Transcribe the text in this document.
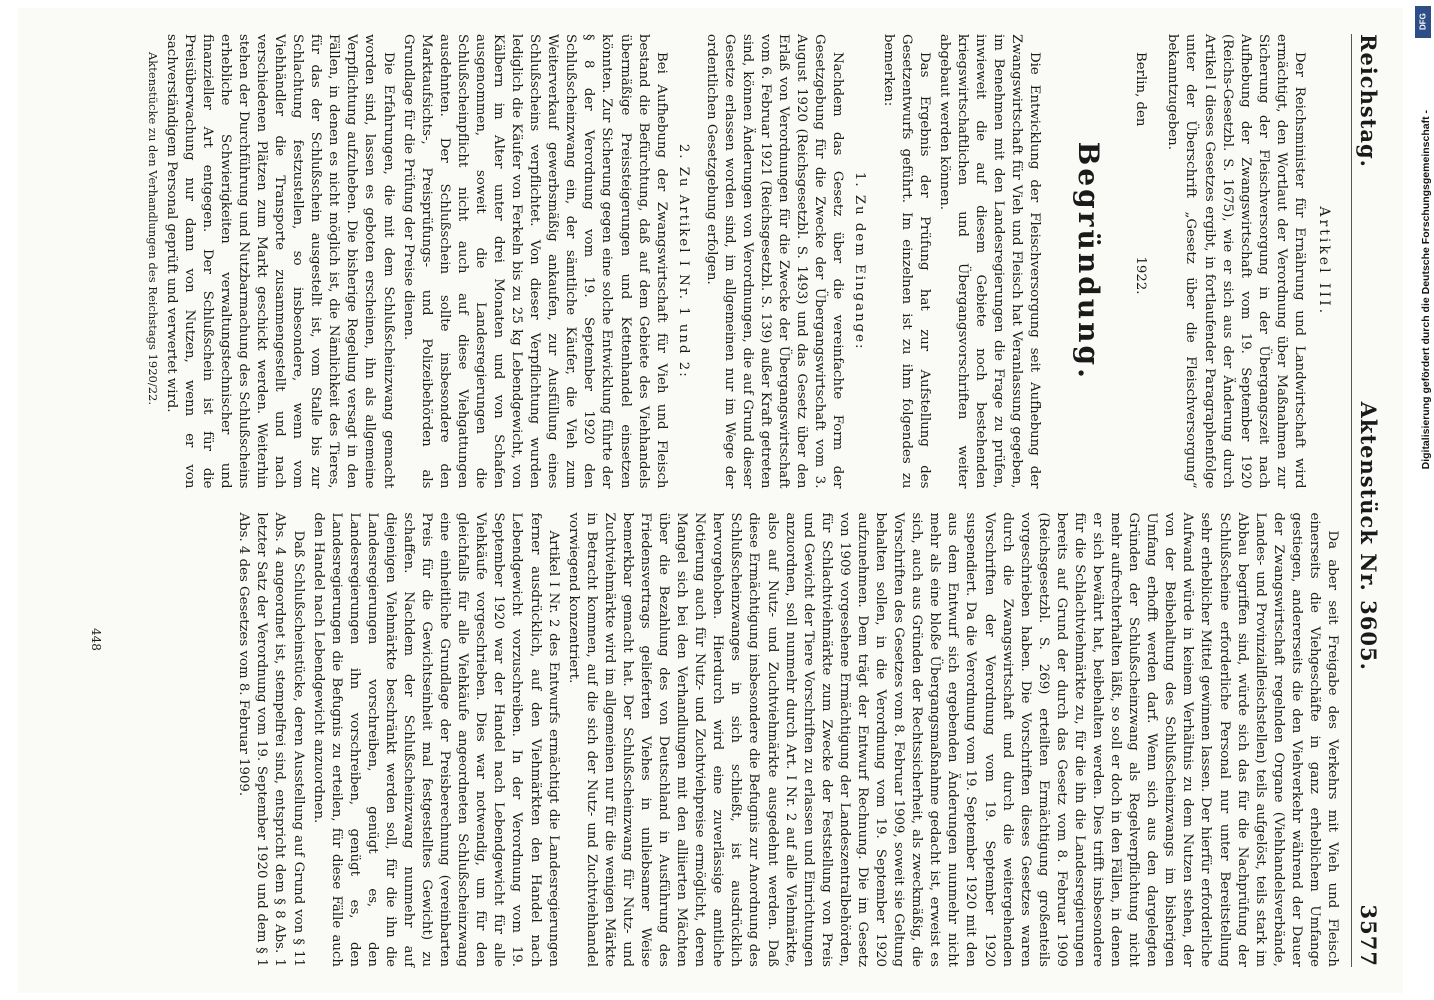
Reichstag.
Aktenstück Nr. 3605.
3577
Artikel III.

Der Reichsminister für Ernährung und Landwirtschaft wird ermächtigt, den Wortlaut der Verordnung über Maßnahmen zur Sicherung der Fleischversorgung in der Übergangszeit nach Aufhebung der Zwangswirtschaft vom 19. September 1920 (Reichs-Gesetzbl. S. 1675), wie er sich aus der Änderung durch Artikel I dieses Gesetzes ergibt, in fortlaufender Paragraphenfolge unter der Überschrift „Gesetz über die Fleischversorgung“ bekanntzugeben.

Berlin, den
1922.
Begründung.

Die Entwicklung der Fleischversorgung seit Aufhebung der Zwangswirtschaft für Vieh und Fleisch hat Veranlassung gegeben, im Benehmen mit den Landesregierungen die Frage zu prüfen, inwieweit die auf diesem Gebiete noch bestehenden kriegswirtschaftlichen und Übergangsvorschriften weiter abgebaut werden können.

Das Ergebnis der Prüfung hat zur Aufstellung des Gesetzentwurfs geführt. Im einzelnen ist zu ihm folgendes zu bemerken:

1. Zu dem Eingange:

Nachdem das Gesetz über die vereinfachte Form der Gesetzgebung für die Zwecke der Übergangswirtschaft vom 3. August 1920 (Reichsgesetzbl. S. 1493) und das Gesetz über den Erlaß von Verordnungen für die Zwecke der Übergangswirtschaft vom 6. Februar 1921 (Reichsgesetzbl. S. 139) außer Kraft getreten sind, können Änderungen von Verordnungen, die auf Grund dieser Gesetze erlassen worden sind, im allgemeinen nur im Wege der ordentlichen Gesetzgebung erfolgen.

2. Zu Artikel I Nr. 1 und 2:

Bei Aufhebung der Zwangswirtschaft für Vieh und Fleisch bestand die Befürchtung, daß auf dem Gebiete des Viehhandels übermäßige Preissteigerungen und Kettenhandel einsetzen könnten. Zur Sicherung gegen eine solche Entwicklung führte der § 8 der Verordnung vom 19. September 1920 den Schlußscheinzwang ein, der sämtliche Käufer, die Vieh zum Weiterverkauf gewerbsmäßig ankaufen, zur Ausfüllung eines Schlußscheins verpflichtet. Von dieser Verpflichtung wurden lediglich die Käufer von Ferkeln bis zu 25 kg Lebendgewicht, von Kälbern im Alter unter drei Monaten und von Schafen ausgenommen, soweit die Landesregierungen die Schlußscheinpflicht nicht auch auf diese Viehgattungen ausdehnten. Der Schlußschein sollte insbesondere den Marktaufsichts-, Preisprüfungs- und Polizeibehörden als Grundlage für die Prüfung der Preise dienen.

Die Erfahrungen, die mit dem Schlußscheinzwang gemacht worden sind, lassen es geboten erscheinen, ihn als allgemeine Verpflichtung aufzuheben. Die bisherige Regelung versagt in den Fällen, in denen es nicht möglich ist, die Nämlichkeit des Tieres, für das der Schlußschein ausgestellt ist, vom Stalle bis zur Schlachtung festzustellen, so insbesondere, wenn vom Viehhändler die Transporte zusammengestellt und nach verschiedenen Plätzen zum Markt geschickt werden. Weiterhin stehen der Durchführung und Nutzbarmachung des Schlußscheins erhebliche Schwierigkeiten verwaltungstechnischer und finanzieller Art entgegen. Der Schlußschein ist für die Preisüberwachung nur dann von Nutzen, wenn er von sachverständigem Personal geprüft und verwertet wird.

Aktenstücke zu den Verhandlungen des Reichstags 1920/22.

Da aber seit Freigabe des Verkehrs mit Vieh und Fleisch einerseits die Viehgeschäfte in ganz erheblichem Umfange gestiegen, andererseits die den Viehverkehr während der Dauer der Zwangswirtschaft regelnden Organe (Viehhandelsverbände, Landes- und Provinzialfleischstellen) teils aufgelöst, teils stark im Abbau begriffen sind, würde sich das für die Nachprüfung der Schlußscheine erforderliche Personal nur unter Bereitstellung sehr erheblicher Mittel gewinnen lassen. Der hierfür erforderliche Aufwand würde in keinem Verhältnis zu dem Nutzen stehen, der von der Beibehaltung des Schlußscheinzwangs im bisherigen Umfang erhofft werden darf. Wenn sich aus den dargelegten Gründen der Schlußscheinzwang als Regelverpflichtung nicht mehr aufrechterhalten läßt, so soll er doch in den Fällen, in denen er sich bewährt hat, beibehalten werden. Dies trifft insbesondere für die Schlachtviehmärkte zu, für die ihn die Landesregierungen bereits auf Grund der durch das Gesetz vom 8. Februar 1909 (Reichsgesetzbl. S. 269) erteilten Ermächtigung großenteils vorgeschrieben haben. Die Vorschriften dieses Gesetzes waren durch die Zwangswirtschaft und durch die weitergehenden Vorschriften der Verordnung vom 19. September 1920 suspendiert. Da die Verordnung vom 19. September 1920 mit den aus dem Entwurf sich ergebenden Änderungen nunmehr nicht mehr als eine bloße Übergangsmaßnahme gedacht ist, erweist es sich, auch aus Gründen der Rechtssicherheit, als zweckmäßig, die Vorschriften des Gesetzes vom 8. Februar 1909, soweit sie Geltung behalten sollen, in die Verordnung vom 19. September 1920 aufzunehmen. Dem trägt der Entwurf Rechnung. Die im Gesetz von 1909 vorgesehene Ermächtigung der Landeszentralbehörden, für Schlachtviehmärkte zum Zwecke der Feststellung von Preis und Gewicht der Tiere Vorschriften zu erlassen und Einrichtungen anzuordnen, soll nunmehr durch Art. I Nr. 2 auf alle Viehmärkte, also auf Nutz- und Zuchtviehmärkte ausgedehnt werden. Daß diese Ermächtigung insbesondere die Befugnis zur Anordnung des Schlußscheinzwanges in sich schließt, ist ausdrücklich hervorgehoben. Hierdurch wird eine zuverlässige amtliche Notierung auch für Nutz- und Zuchtviehpreise ermöglicht, deren Mangel sich bei den Verhandlungen mit den alliierten Mächten über die Bezahlung des von Deutschland in Ausführung des Friedensvertrags gelieferten Viehes in unliebsamer Weise bemerkbar gemacht hat. Der Schlußscheinzwang für Nutz- und Zuchtviehmärkte wird im allgemeinen nur für die wenigen Märkte in Betracht kommen, auf die sich der Nutz- und Zuchtviehhandel vorwiegend konzentriert.

Artikel I Nr. 2 des Entwurfs ermächtigt die Landesregierungen ferner ausdrücklich, auf den Viehmärkten den Handel nach Lebendgewicht vorzuschreiben. In der Verordnung vom 19. September 1920 war der Handel nach Lebendgewicht für alle Viehkäufe vorgeschrieben. Dies war notwendig, um für den gleichfalls für alle Viehkäufe angeordneten Schlußscheinzwang eine einheitliche Grundlage der Preisberechnung (vereinbarten Preis für die Gewichtseinheit mal festgestelltes Gewicht) zu schaffen. Nachdem der Schlußscheinzwang nunmehr auf diejenigen Viehmärkte beschränkt werden soll, für die ihn die Landesregierungen vorschreiben, genügt es, den Landesregierungen ihn vorschreiben, genügt es, den Landesregierungen die Befugnis zu erteilen, für diese Fälle auch den Handel nach Lebendgewicht anzuordnen.

Daß Schlußscheinstücke, deren Ausstellung auf Grund von § 11 Abs. 4 angeordnet ist, stempelfrei sind, entspricht dem § 8 Abs. 1 letzter Satz der Verordnung vom 19. September 1920 und dem § 1 Abs. 4 des Gesetzes vom 8. Februar 1909.

448
DFG
Digitalisierung gefördert durch die Deutsche Forschungsgemeinschaft -
